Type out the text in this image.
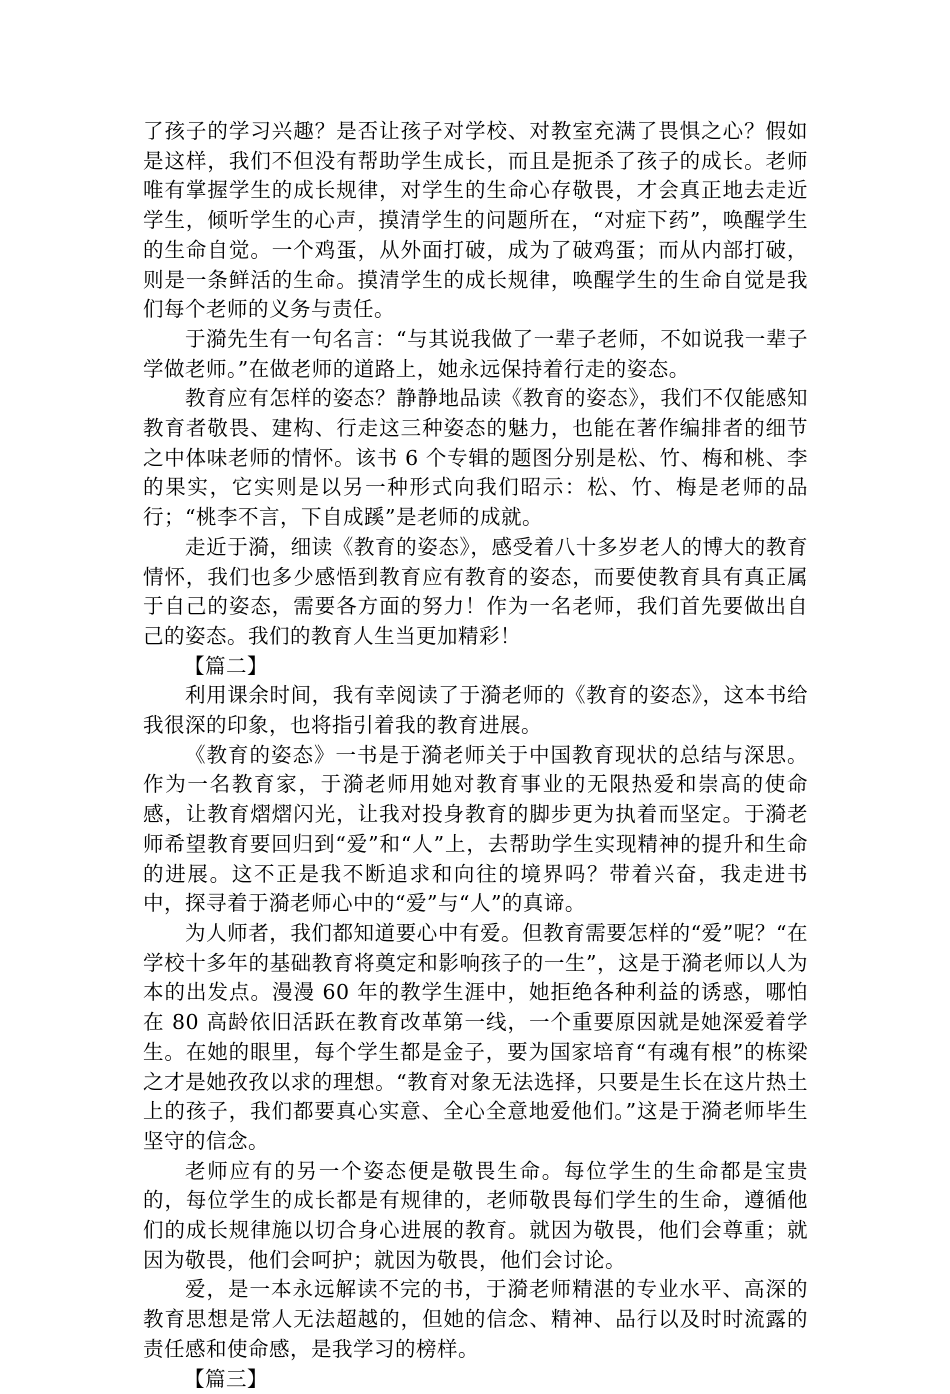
了孩子的学习兴趣？是否让孩子对学校、对教室充满了畏惧之心？假如是这样，我们不但没有帮助学生成长，而且是扼杀了孩子的成长。老师唯有掌握学生的成长规律，对学生的生命心存敬畏，才会真正地去走近学生，倾听学生的心声，摸清学生的问题所在，“对症下药”，唤醒学生的生命自觉。一个鸡蛋，从外面打破，成为了破鸡蛋；而从内部打破，则是一条鲜活的生命。摸清学生的成长规律，唤醒学生的生命自觉是我们每个老师的义务与责任。

于漪先生有一句名言：“与其说我做了一辈子老师，不如说我一辈子学做老师。”在做老师的道路上，她永远保持着行走的姿态。

教育应有怎样的姿态？静静地品读《教育的姿态》，我们不仅能感知教育者敬畏、建构、行走这三种姿态的魅力，也能在著作编排者的细节之中体味老师的情怀。该书 6 个专辑的题图分别是松、竹、梅和桃、李的果实，它实则是以另一种形式向我们昭示：松、竹、梅是老师的品行；“桃李不言，下自成蹊”是老师的成就。

走近于漪，细读《教育的姿态》，感受着八十多岁老人的博大的教育情怀，我们也多少感悟到教育应有教育的姿态，而要使教育具有真正属于自己的姿态，需要各方面的努力！作为一名老师，我们首先要做出自己的姿态。我们的教育人生当更加精彩！

【篇二】

利用课余时间，我有幸阅读了于漪老师的《教育的姿态》，这本书给我很深的印象，也将指引着我的教育进展。

《教育的姿态》一书是于漪老师关于中国教育现状的总结与深思。作为一名教育家，于漪老师用她对教育事业的无限热爱和崇高的使命感，让教育熠熠闪光，让我对投身教育的脚步更为执着而坚定。于漪老师希望教育要回归到“爱”和“人”上，去帮助学生实现精神的提升和生命的进展。这不正是我不断追求和向往的境界吗？带着兴奋，我走进书中，探寻着于漪老师心中的“爱”与“人”的真谛。

为人师者，我们都知道要心中有爱。但教育需要怎样的“爱”呢？“在学校十多年的基础教育将奠定和影响孩子的一生”，这是于漪老师以人为本的出发点。漫漫 60 年的教学生涯中，她拒绝各种利益的诱惑，哪怕在 80 高龄依旧活跃在教育改革第一线，一个重要原因就是她深爱着学生。在她的眼里，每个学生都是金子，要为国家培育“有魂有根”的栋梁之才是她孜孜以求的理想。“教育对象无法选择，只要是生长在这片热土上的孩子，我们都要真心实意、全心全意地爱他们。”这是于漪老师毕生坚守的信念。

老师应有的另一个姿态便是敬畏生命。每位学生的生命都是宝贵的，每位学生的成长都是有规律的，老师敬畏每们学生的生命，遵循他们的成长规律施以切合身心进展的教育。就因为敬畏，他们会尊重；就因为敬畏，他们会呵护；就因为敬畏，他们会讨论。

爱，是一本永远解读不完的书，于漪老师精湛的专业水平、高深的教育思想是常人无法超越的，但她的信念、精神、品行以及时时流露的责任感和使命感，是我学习的榜样。

【篇三】
